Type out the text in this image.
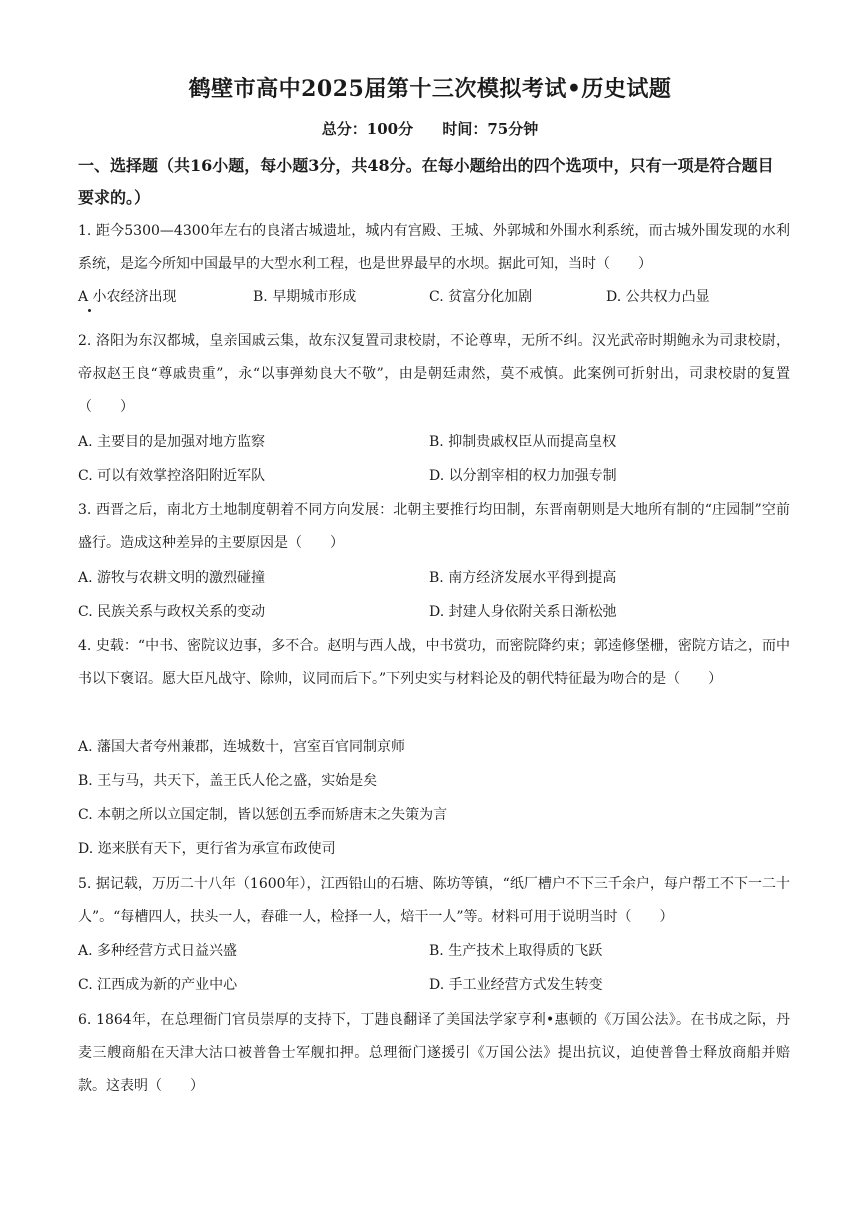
鹤壁市高中2025届第十三次模拟考试•历史试题
总分：100分 时间：75分钟
一、选择题（共16小题，每小题3分，共48分。在每小题给出的四个选项中，只有一项是符合题目要求的。）
1. 距今5300—4300年左右的良渚古城遗址，城内有宫殿、王城、外郭城和外围水利系统，而古城外围发现的水利系统，是迄今所知中国最早的大型水利工程，也是世界最早的水坝。据此可知，当时（　　）
A 小农经济出现	B. 早期城市形成	C. 贫富分化加剧	D. 公共权力凸显
2. 洛阳为东汉都城，皇亲国戚云集，故东汉复置司隶校尉，不论尊卑，无所不纠。汉光武帝时期鲍永为司隶校尉，帝叔赵王良“尊戚贵重”，永“以事弹劾良大不敬”，由是朝廷肃然，莫不戒慎。此案例可折射出，司隶校尉的复置（　　）
A. 主要目的是加强对地方监察	B. 抑制贵戚权臣从而提高皇权
C. 可以有效掌控洛阳附近军队	D. 以分割宰相的权力加强专制
3. 西晋之后，南北方土地制度朝着不同方向发展：北朝主要推行均田制，东晋南朝则是大地所有制的“庄园制”空前盛行。造成这种差异的主要原因是（　　）
A. 游牧与农耕文明的激烈碰撞	B. 南方经济发展水平得到提高
C. 民族关系与政权关系的变动	D. 封建人身依附关系日渐松弛
4. 史载：“中书、密院议边事，多不合。赵明与西人战，中书赏功，而密院降约束；郭逵修堡栅，密院方诘之，而中书以下褒诏。愿大臣凡战守、除帅，议同而后下。”下列史实与材料论及的朝代特征最为吻合的是（　　）
A. 藩国大者夸州兼郡，连城数十，宫室百官同制京师
B. 王与马，共天下，盖王氏人伦之盛，实始是矣
C. 本朝之所以立国定制，皆以惩创五季而矫唐末之失策为言
D. 迩来朕有天下，更行省为承宣布政使司
5. 据记载，万历二十八年（1600年），江西铅山的石塘、陈坊等镇，“纸厂槽户不下三千余户，每户帮工不下一二十人”。“每槽四人，扶头一人，舂碓一人，检择一人，焙干一人”等。材料可用于说明当时（　　）
A. 多种经营方式日益兴盛	B. 生产技术上取得质的飞跃
C. 江西成为新的产业中心	D. 手工业经营方式发生转变
6. 1864年，在总理衙门官员崇厚的支持下，丁韪良翻译了美国法学家亨利•惠顿的《万国公法》。在书成之际，丹麦三艘商船在天津大沽口被普鲁士军舰扣押。总理衙门遂援引《万国公法》提出抗议，迫使普鲁士释放商船并赔款。这表明（　　）
